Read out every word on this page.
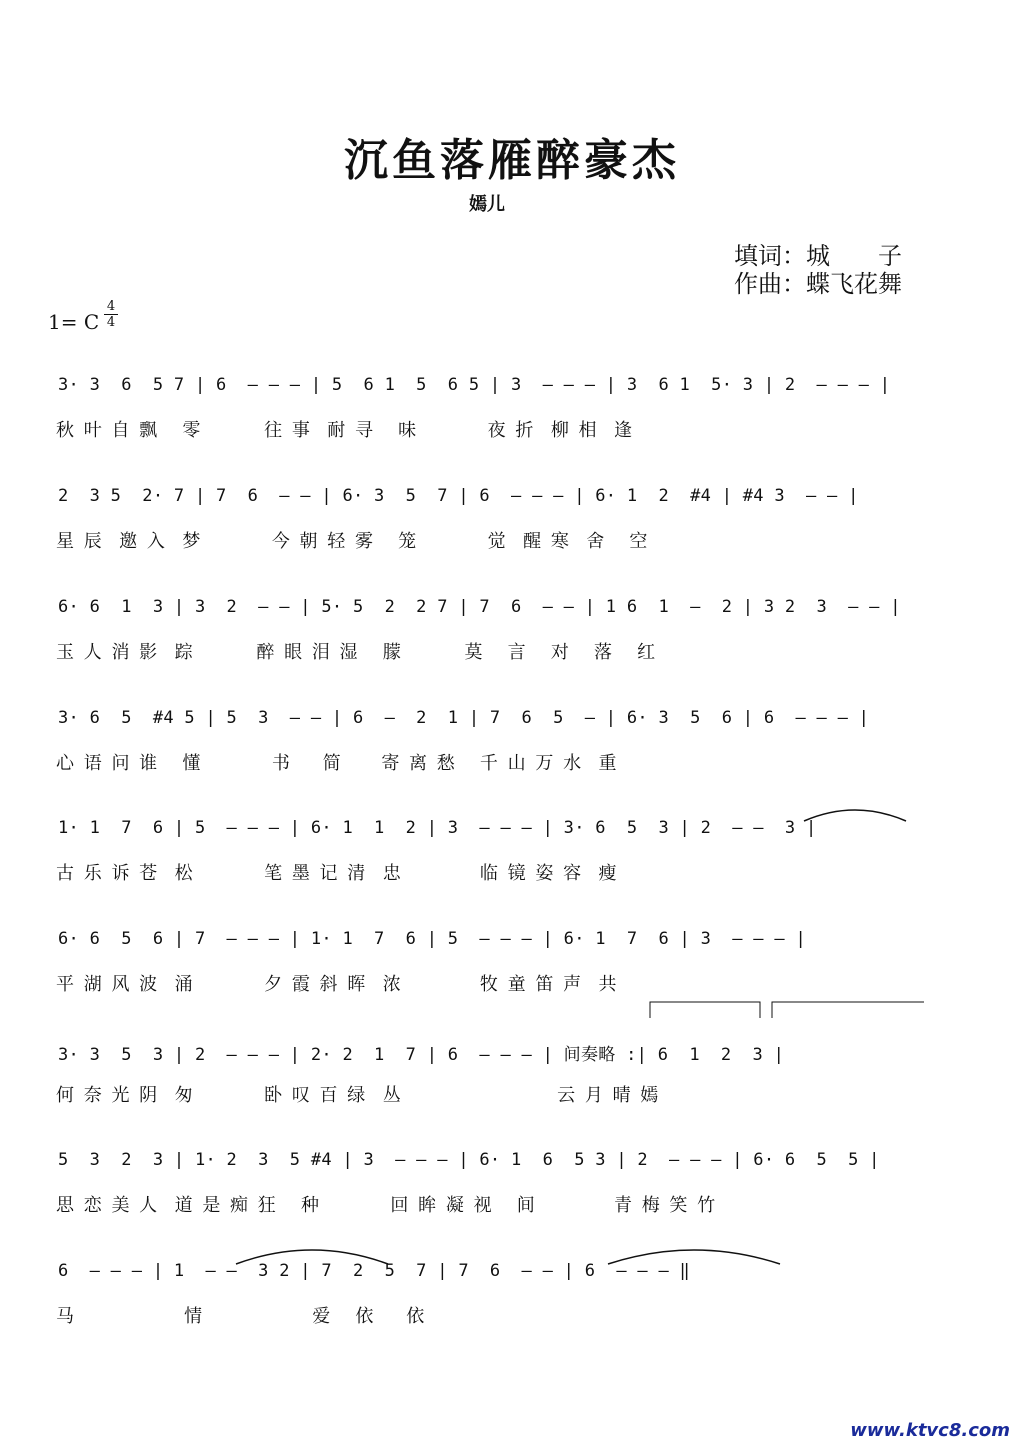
沉鱼落雁醉豪杰
嫣儿
填词：城　　子
作曲：蝶飞花舞
1= C
4
4
3· 3  6  5 7 | 6  — — — | 5  6 1  5  6 5 | 3  — — — | 3  6 1  5· 3 | 2  — — — |
秋 叶 自 飘   零        往 事  耐 寻   味         夜 折  柳 相  逢
2  3 5  2· 7 | 7  6  — — | 6· 3  5  7 | 6  — — — | 6· 1  2  #4 | #4 3  — — |
星 辰  邀 入  梦         今 朝 轻 雾   笼         觉  醒 寒  舍   空
6· 6  1  3 | 3  2  — — | 5· 5  2  2 7 | 7  6  — — | 1 6  1  —  2 | 3 2  3  — — |
玉 人 消 影  踪        醉 眼 泪 湿   朦        莫   言   对   落   红
3· 6  5  #4 5 | 5  3  — — | 6  —  2  1 | 7  6  5  — | 6· 3  5  6 | 6  — — — |
心 语 问 谁   懂         书    简     寄 离 愁   千 山 万 水  重
1· 1  7  6 | 5  — — — | 6· 1  1  2 | 3  — — — | 3· 6  5  3 | 2  — —  3 |
古 乐 诉 苍  松         笔 墨 记 清  忠          临 镜 姿 容  瘦
6· 6  5  6 | 7  — — — | 1· 1  7  6 | 5  — — — | 6· 1  7  6 | 3  — — — |
平 湖 风 波  涌         夕 霞 斜 晖  浓          牧 童 笛 声  共
3· 3  5  3 | 2  — — — | 2· 2  1  7 | 6  — — — | 间奏略 :| 6  1  2  3 |
何 奈 光 阴  匆         卧 叹 百 绿  丛                    云 月 晴 嫣
5  3  2  3 | 1· 2  3  5 #4 | 3  — — — | 6· 1  6  5 3 | 2  — — — | 6· 6  5  5 |
思 恋 美 人  道 是 痴 狂   种         回 眸 凝 视   间          青 梅 笑 竹
6  — — — | 1  — —  3 2 | 7  2  5  7 | 7  6  — — | 6  — — — ‖
马              情              爱   依    依
www.ktvc8.com
